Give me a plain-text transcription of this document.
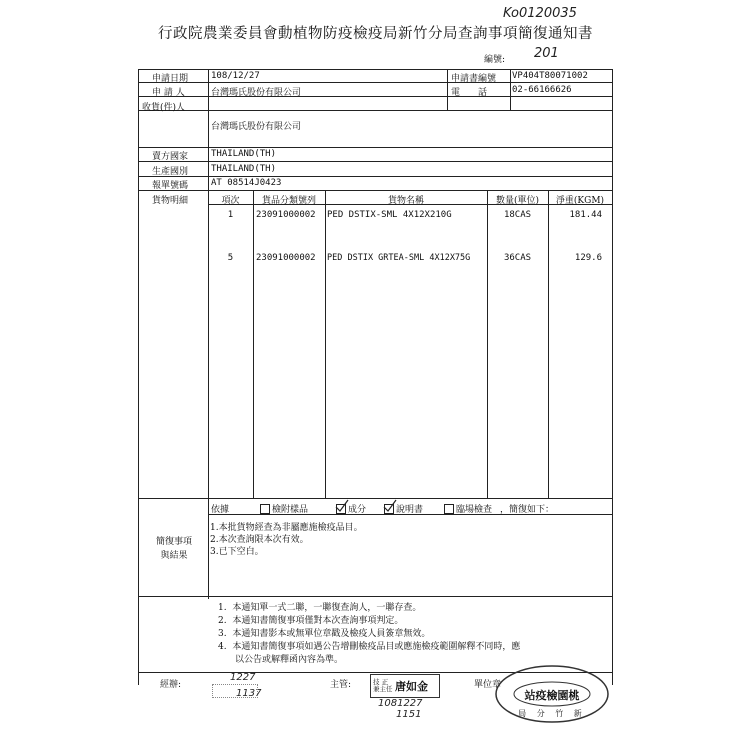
Ko0120035
行政院農業委員會動植物防疫檢疫局新竹分局查詢事項簡復通知書
編號: 201
申請日期	108/12/27	申請書編號 VP404T80071002
申 請 人	台灣瑪氏股份有限公司	電　　話	02-66166626
收貨(件)人
台灣瑪氏股份有限公司
賣方國家	THAILAND(TH)
生產國別	THAILAND(TH)
報單號碼	AT 08514J0423
貨物明細	項次	貨品分類號列	貨物名稱	數量(單位)	淨重(KGM)
1	23091000002 PED DSTIX-SML 4X12X210G	18CAS	181.44
5	23091000002 PED DSTIX GRTEA-SML 4X12X75G	36CAS	129.6
依據	檢附樣品	成分	說明書	臨場檢查 ，簡復如下：
簡復事項
與結果
1.本批貨物經查為非屬應施檢疫品目。
2.本次查詢限本次有效。
3.已下空白。
1. 本通知單一式二聯，一聯復查詢人，一聯存查。
2. 本通知書簡復事項僅對本次查詢事項判定。
3. 本通知書影本或無單位章戳及檢疫人員簽章無效。
4. 本通知書簡復事項如遇公告增刪檢疫品目或應施檢疫範圍解釋不同時，應
以公告或解釋函內容為準。
經辦:
1227
1137
主管:	技 正
兼主任 唐如金
1081227
1151
單位章
站疫檢園桃
局 分 竹 新
